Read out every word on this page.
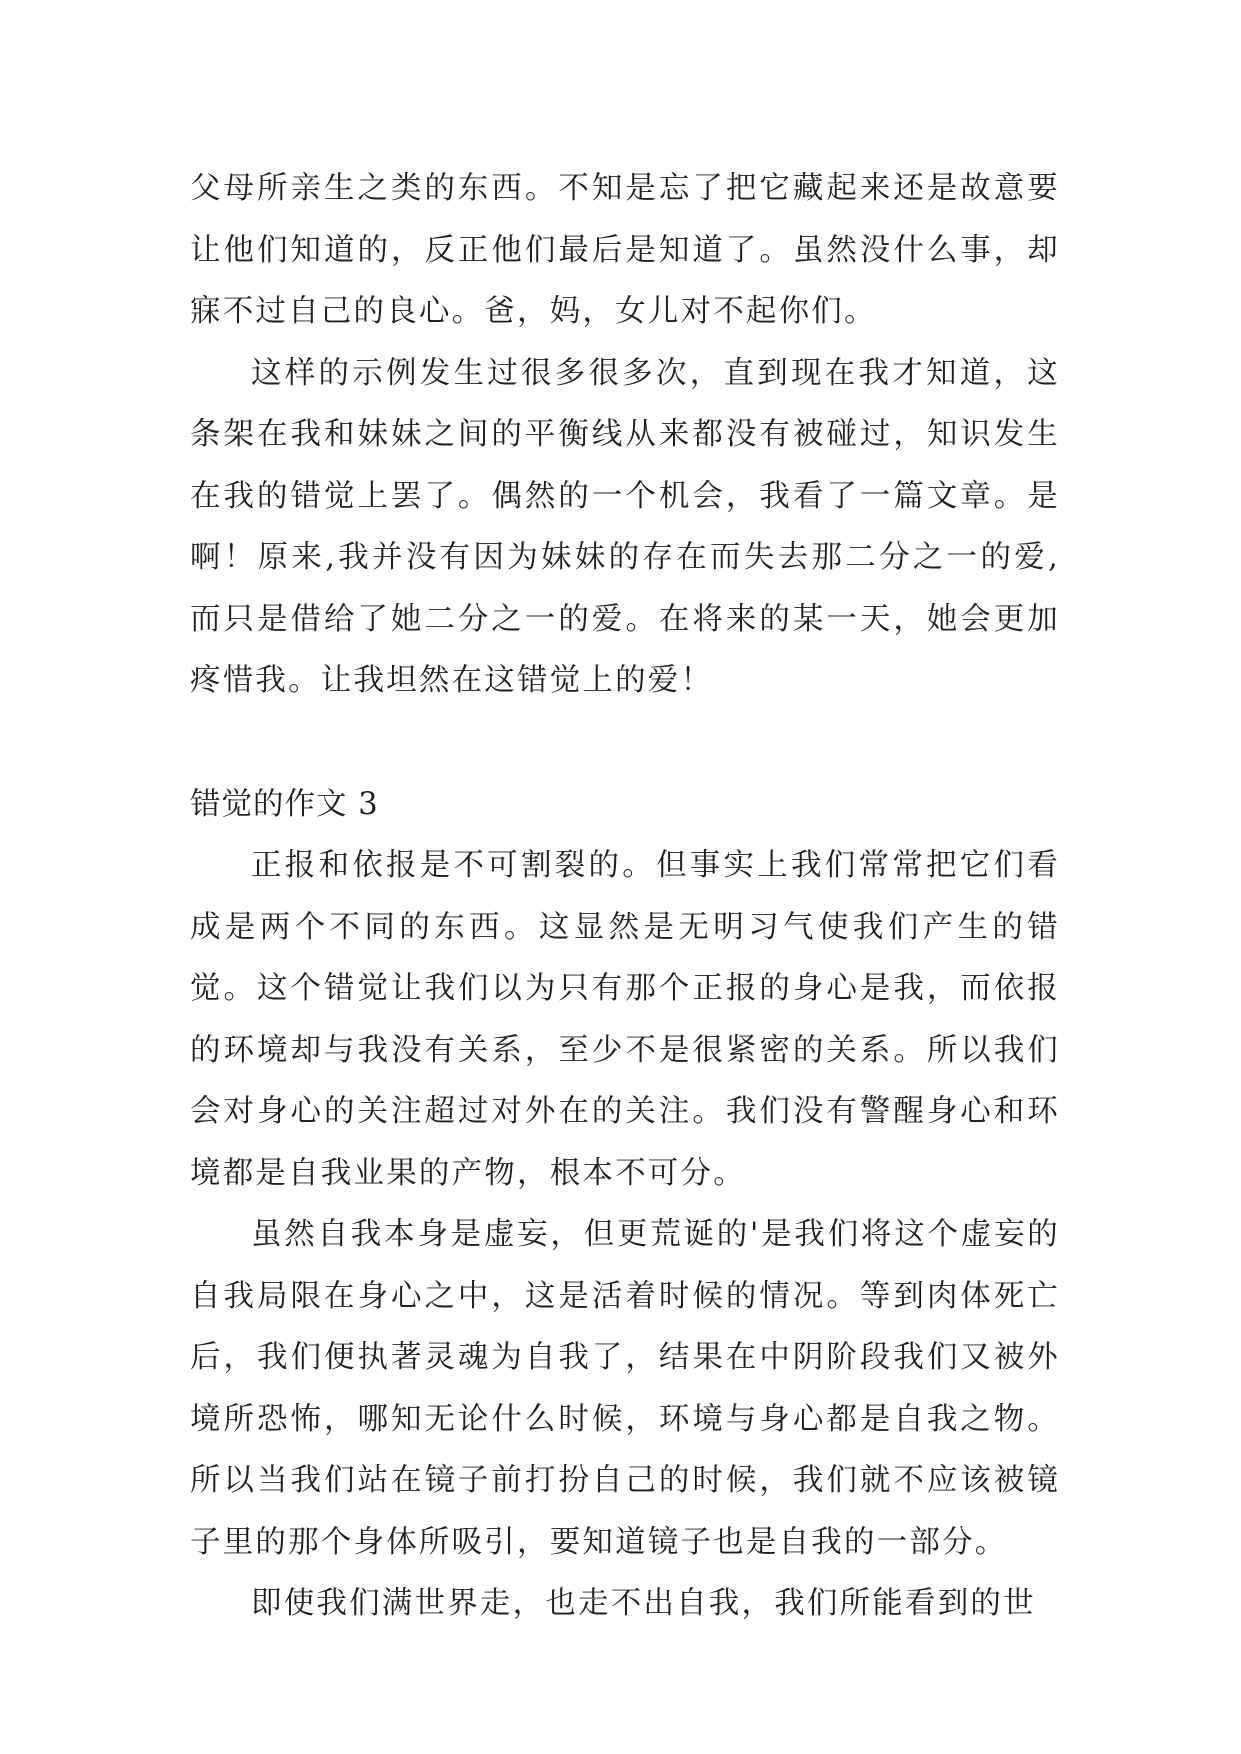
父母所亲生之类的东西。不知是忘了把它藏起来还是故意要让他们知道的，反正他们最后是知道了。虽然没什么事，却寐不过自己的良心。爸，妈，女儿对不起你们。

这样的示例发生过很多很多次，直到现在我才知道，这条架在我和妹妹之间的平衡线从来都没有被碰过，知识发生在我的错觉上罢了。偶然的一个机会，我看了一篇文章。是啊！原来,我并没有因为妹妹的存在而失去那二分之一的爱,而只是借给了她二分之一的爱。在将来的某一天，她会更加疼惜我。让我坦然在这错觉上的爱！

错觉的作文 3

正报和依报是不可割裂的。但事实上我们常常把它们看成是两个不同的东西。这显然是无明习气使我们产生的错觉。这个错觉让我们以为只有那个正报的身心是我，而依报的环境却与我没有关系，至少不是很紧密的关系。所以我们会对身心的关注超过对外在的关注。我们没有警醒身心和环境都是自我业果的产物，根本不可分。

虽然自我本身是虚妄，但更荒诞的'是我们将这个虚妄的自我局限在身心之中，这是活着时候的情况。等到肉体死亡后，我们便执著灵魂为自我了，结果在中阴阶段我们又被外境所恐怖，哪知无论什么时候，环境与身心都是自我之物。所以当我们站在镜子前打扮自己的时候，我们就不应该被镜子里的那个身体所吸引，要知道镜子也是自我的一部分。

即使我们满世界走，也走不出自我，我们所能看到的世
